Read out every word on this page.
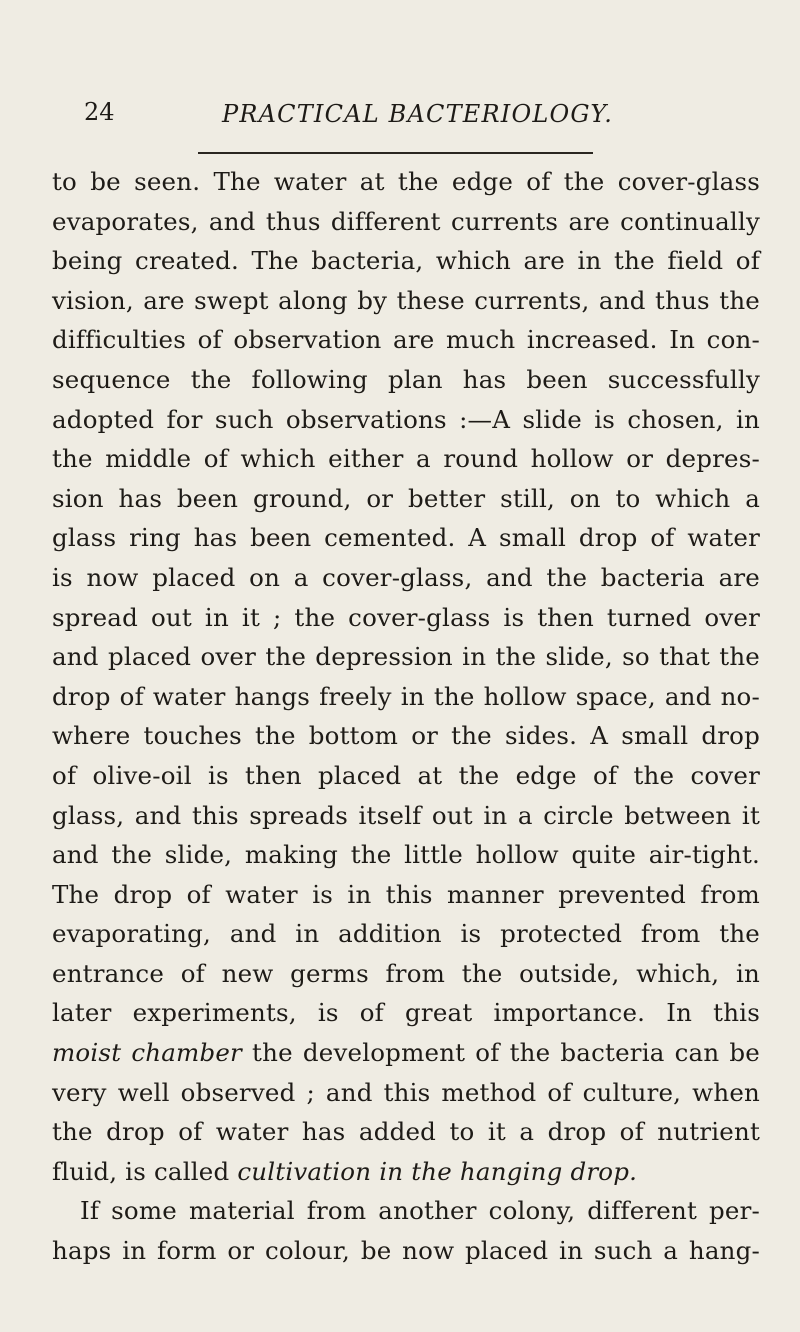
24	PRACTICAL BACTERIOLOGY.
to be seen. The water at the edge of the cover-glass
evaporates, and thus different currents are continually
being created. The bacteria, which are in the field of
vision, are swept along by these currents, and thus the
difficulties of observation are much increased. In con-
sequence the following plan has been successfully
adopted for such observations :—A slide is chosen, in
the middle of which either a round hollow or depres-
sion has been ground, or better still, on to which a
glass ring has been cemented. A small drop of water
is now placed on a cover-glass, and the bacteria are
spread out in it ; the cover-glass is then turned over
and placed over the depression in the slide, so that the
drop of water hangs freely in the hollow space, and no-
where touches the bottom or the sides. A small drop
of olive-oil is then placed at the edge of the cover
glass, and this spreads itself out in a circle between it
and the slide, making the little hollow quite air-tight.
The drop of water is in this manner prevented from
evaporating, and in addition is protected from the
entrance of new germs from the outside, which, in
later experiments, is of great importance. In this
moist chamber the development of the bacteria can be
very well observed ; and this method of culture, when
the drop of water has added to it a drop of nutrient
fluid, is called cultivation in the hanging drop.
If some material from another colony, different per-
haps in form or colour, be now placed in such a hang-
